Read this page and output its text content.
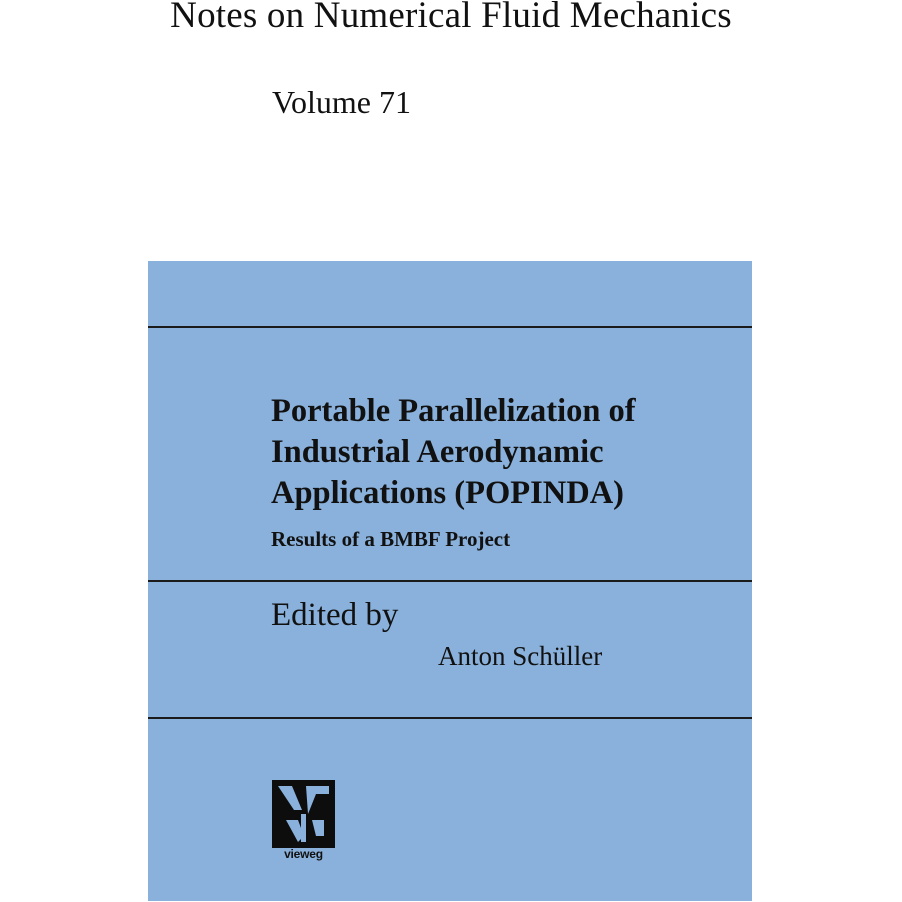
Notes on Numerical Fluid Mechanics
Volume 71
Portable Parallelization of
Industrial Aerodynamic
Applications (POPINDA)
Results of a BMBF Project
Edited by
Anton Schüller
vieweg
